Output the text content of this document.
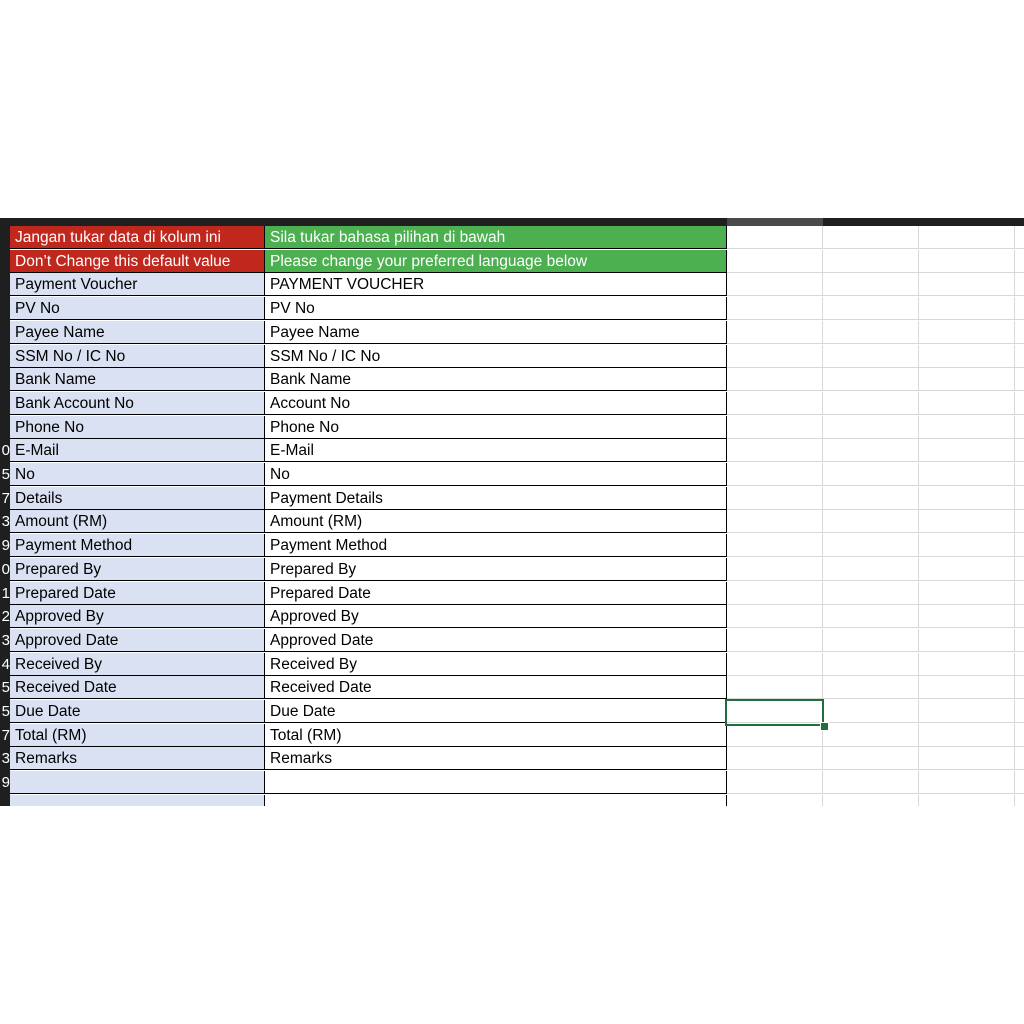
0
5
7
3
9
0
1
2
3
4
5
5
7
3
9
Jangan tukar data di kolum ini	Sila tukar bahasa pilihan di bawah
Don’t Change this default value	Please change your preferred language below
Payment Voucher	PAYMENT VOUCHER
PV No	PV No
Payee Name	Payee Name
SSM No / IC No	SSM No / IC No
Bank Name	Bank Name
Bank Account No	Account No
Phone No	Phone No
E-Mail	E-Mail
No	No
Details	Payment Details
Amount (RM)	Amount (RM)
Payment Method	Payment Method
Prepared By	Prepared By
Prepared Date	Prepared Date
Approved By	Approved By
Approved Date	Approved Date
Received By	Received By
Received Date	Received Date
Due Date	Due Date
Total (RM)	Total (RM)
Remarks	Remarks
